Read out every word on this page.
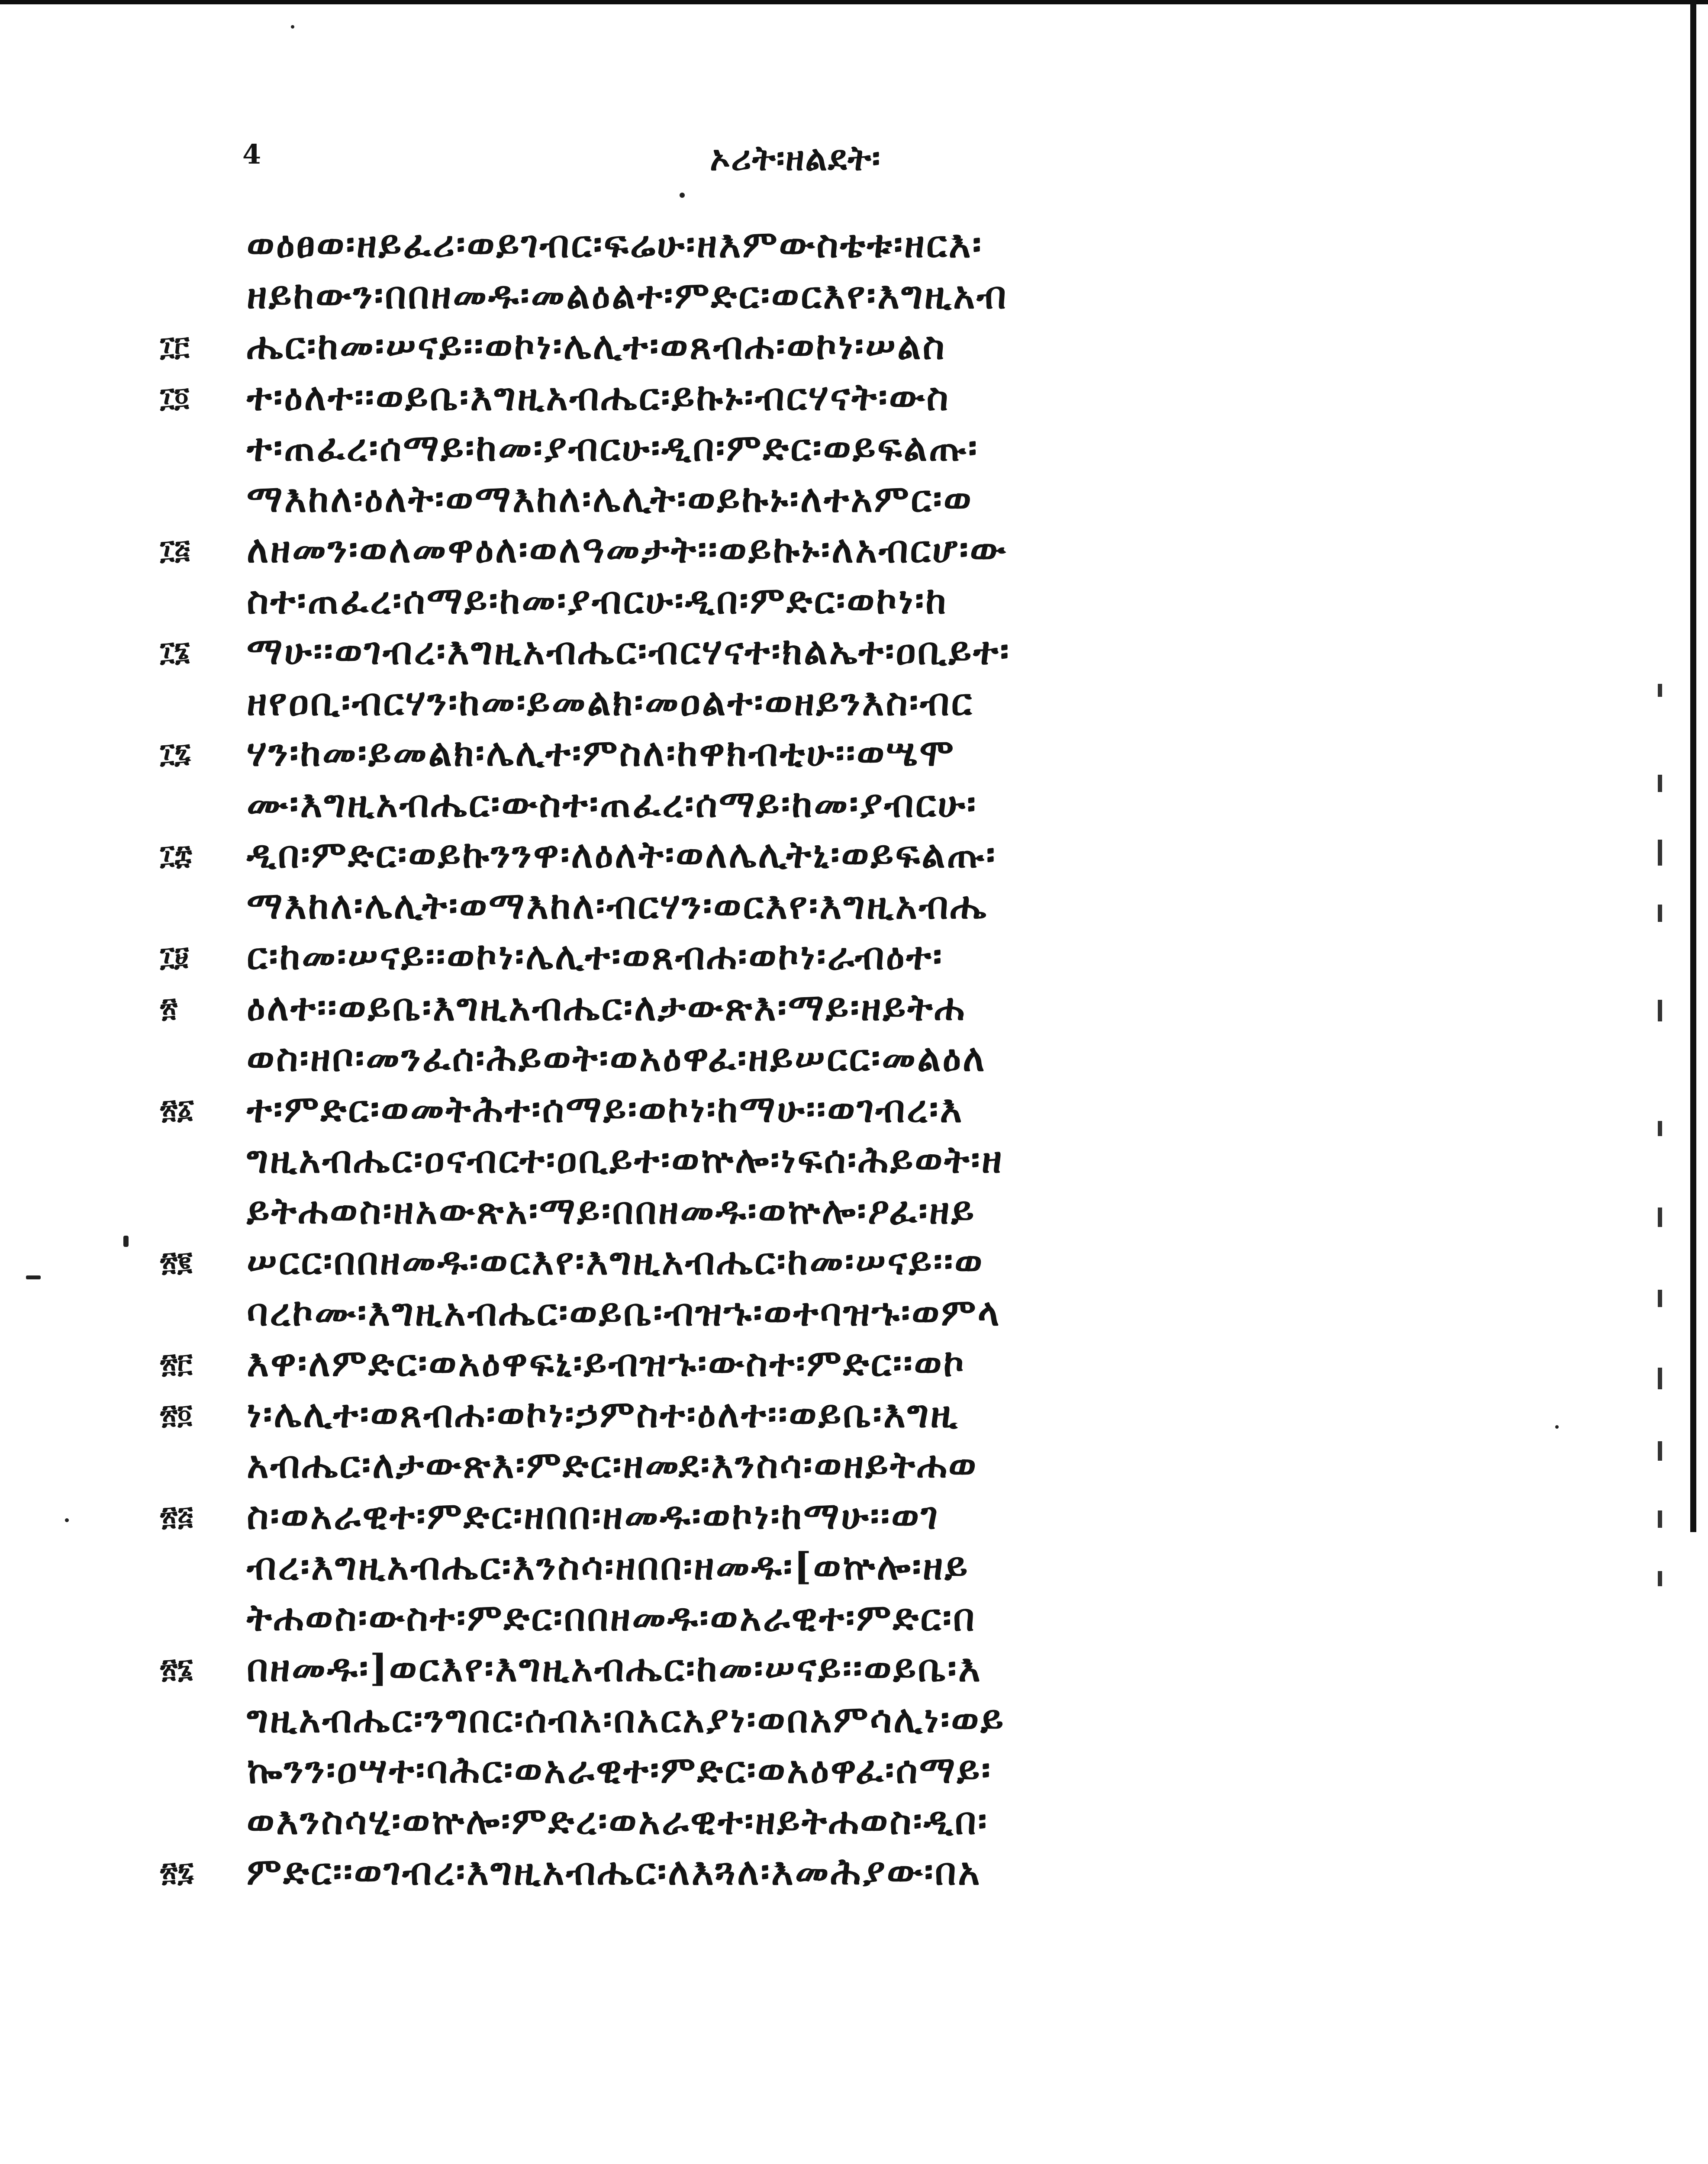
4	ኦሪት፡ዘልደት፡
ወዕፀወ፡ዘይፈሪ፡ወይገብር፡ፍሬሁ፡ዘእምውስቴቱ፡ዘርእ፡
ዘይከውን፡በበዘመዱ፡መልዕልተ፡ምድር፡ወርእየ፡እግዚአብ
፲፫	ሔር፡ከመ፡ሠናይ፡፡ወኮነ፡ሌሊተ፡ወጸብሐ፡ወኮነ፡ሠልስ
፲፬	ተ፡ዕለተ፡፡ወይቤ፡እግዚአብሔር፡ይኩኑ፡ብርሃናት፡ውስ
ተ፡ጠፈረ፡ሰማይ፡ከመ፡ያብርሁ፡ዲበ፡ምድር፡ወይፍልጡ፡
ማእከለ፡ዕለት፡ወማእከለ፡ሌሊት፡ወይኩኑ፡ለተአምር፡ወ
፲፭	ለዘመን፡ወለመዋዕለ፡ወለዓመታት፡፡ወይኩኑ፡ለአብርሆ፡ው
ስተ፡ጠፈረ፡ሰማይ፡ከመ፡ያብርሁ፡ዲበ፡ምድር፡ወኮነ፡ከ
፲፮	ማሁ፡፡ወገብረ፡እግዚአብሔር፡ብርሃናተ፡ክልኤተ፡ዐቢይተ፡
ዘየዐቢ፡ብርሃን፡ከመ፡ይመልክ፡መዐልተ፡ወዘይንእስ፡ብር
፲፯	ሃን፡ከመ፡ይመልክ፡ሌሊተ፡ምስለ፡ከዋክብቲሁ፡፡ወሤሞ
ሙ፡እግዚአብሔር፡ውስተ፡ጠፈረ፡ሰማይ፡ከመ፡ያብርሁ፡
፲፰	ዲበ፡ምድር፡ወይኩንንዋ፡ለዕለት፡ወለሌሊትኒ፡ወይፍልጡ፡
ማእከለ፡ሌሊት፡ወማእከለ፡ብርሃን፡ወርእየ፡እግዚአብሔ
፲፱	ር፡ከመ፡ሠናይ፡፡ወኮነ፡ሌሊተ፡ወጸብሐ፡ወኮነ፡ራብዕተ፡
፳	ዕለተ፡፡ወይቤ፡እግዚአብሔር፡ለታውጽእ፡ማይ፡ዘይትሐ
ወስ፡ዘቦ፡መንፈሰ፡ሕይወት፡ወአዕዋፈ፡ዘይሠርር፡መልዕለ
፳፩	ተ፡ምድር፡ወመትሕተ፡ሰማይ፡ወኮነ፡ከማሁ፡፡ወገብረ፡እ
ግዚአብሔር፡ዐናብርተ፡ዐቢይተ፡ወኵሎ፡ነፍሰ፡ሕይወት፡ዘ
ይትሐወስ፡ዘአውጽአ፡ማይ፡በበዘመዱ፡ወኵሎ፡ዖፈ፡ዘይ
፳፪	ሠርር፡በበዘመዱ፡ወርእየ፡እግዚአብሔር፡ከመ፡ሠናይ፡፡ወ
ባረኮሙ፡እግዚአብሔር፡ወይቤ፡ብዝኁ፡ወተባዝኁ፡ወምላ
፳፫	እዋ፡ለምድር፡ወአዕዋፍኒ፡ይብዝኁ፡ውስተ፡ምድር፡፡ወኮ
፳፬	ነ፡ሌሊተ፡ወጸብሐ፡ወኮነ፡ኃምስተ፡ዕለተ፡፡ወይቤ፡እግዚ
አብሔር፡ለታውጽእ፡ምድር፡ዘመደ፡እንስሳ፡ወዘይትሐወ
፳፭	ስ፡ወአራዊተ፡ምድር፡ዘበበ፡ዘመዱ፡ወኮነ፡ከማሁ፡፡ወገ
ብረ፡እግዚአብሔር፡እንስሳ፡ዘበበ፡ዘመዱ፡[ወኵሎ፡ዘይ
ትሐወስ፡ውስተ፡ምድር፡በበዘመዱ፡ወአራዊተ፡ምድር፡በ
፳፮	በዘመዱ፡]ወርእየ፡እግዚአብሔር፡ከመ፡ሠናይ፡፡ወይቤ፡እ
ግዚአብሔር፡ንግበር፡ሰብአ፡በአርአያነ፡ወበአምሳሊነ፡ወይ
ኰንን፡ዐሣተ፡ባሕር፡ወአራዊተ፡ምድር፡ወአዕዋፈ፡ሰማይ፡
ወእንስሳሂ፡ወኵሎ፡ምድረ፡ወአራዊተ፡ዘይትሐወስ፡ዲበ፡
፳፯	ምድር፡፡ወገብረ፡እግዚአብሔር፡ለእጓለ፡እመሕያው፡በአ
